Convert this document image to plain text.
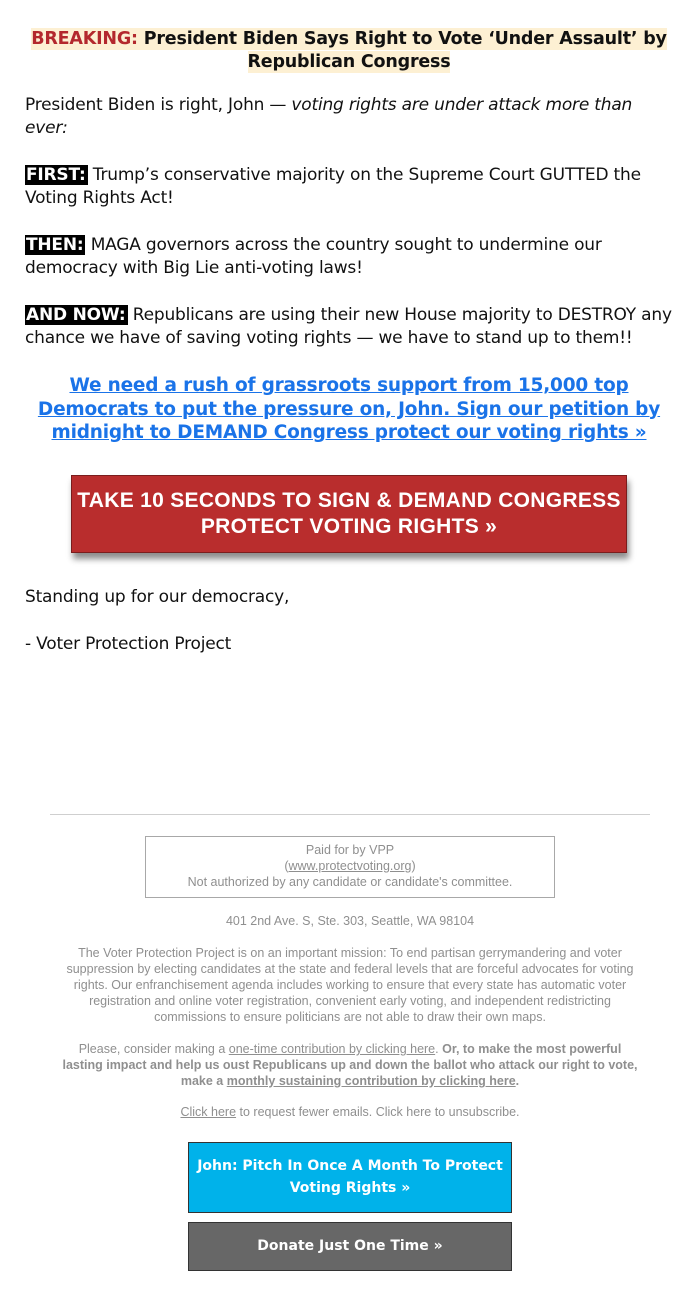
BREAKING: President Biden Says Right to Vote ‘Under Assault’ by Republican Congress

President Biden is right, John — voting rights are under attack more than ever:

FIRST: Trump’s conservative majority on the Supreme Court GUTTED the Voting Rights Act!

THEN: MAGA governors across the country sought to undermine our democracy with Big Lie anti-voting laws!

AND NOW: Republicans are using their new House majority to DESTROY any chance we have of saving voting rights — we have to stand up to them!!

We need a rush of grassroots support from 15,000 top Democrats to put the pressure on, John. Sign our petition by midnight to DEMAND Congress protect our voting rights »
TAKE 10 SECONDS TO SIGN & DEMAND CONGRESS PROTECT VOTING RIGHTS »

Standing up for our democracy,

- Voter Protection Project

Paid for by VPP
(www.protectvoting.org)
Not authorized by any candidate or candidate's committee.
401 2nd Ave. S, Ste. 303, Seattle, WA 98104
The Voter Protection Project is on an important mission: To end partisan gerrymandering and voter suppression by electing candidates at the state and federal levels that are forceful advocates for voting rights. Our enfranchisement agenda includes working to ensure that every state has automatic voter registration and online voter registration, convenient early voting, and independent redistricting commissions to ensure politicians are not able to draw their own maps.
Please, consider making a one-time contribution by clicking here. Or, to make the most powerful lasting impact and help us oust Republicans up and down the ballot who attack our right to vote, make a monthly sustaining contribution by clicking here.
Click here to request fewer emails. Click here to unsubscribe.
John: Pitch In Once A Month To Protect Voting Rights »
Donate Just One Time »
